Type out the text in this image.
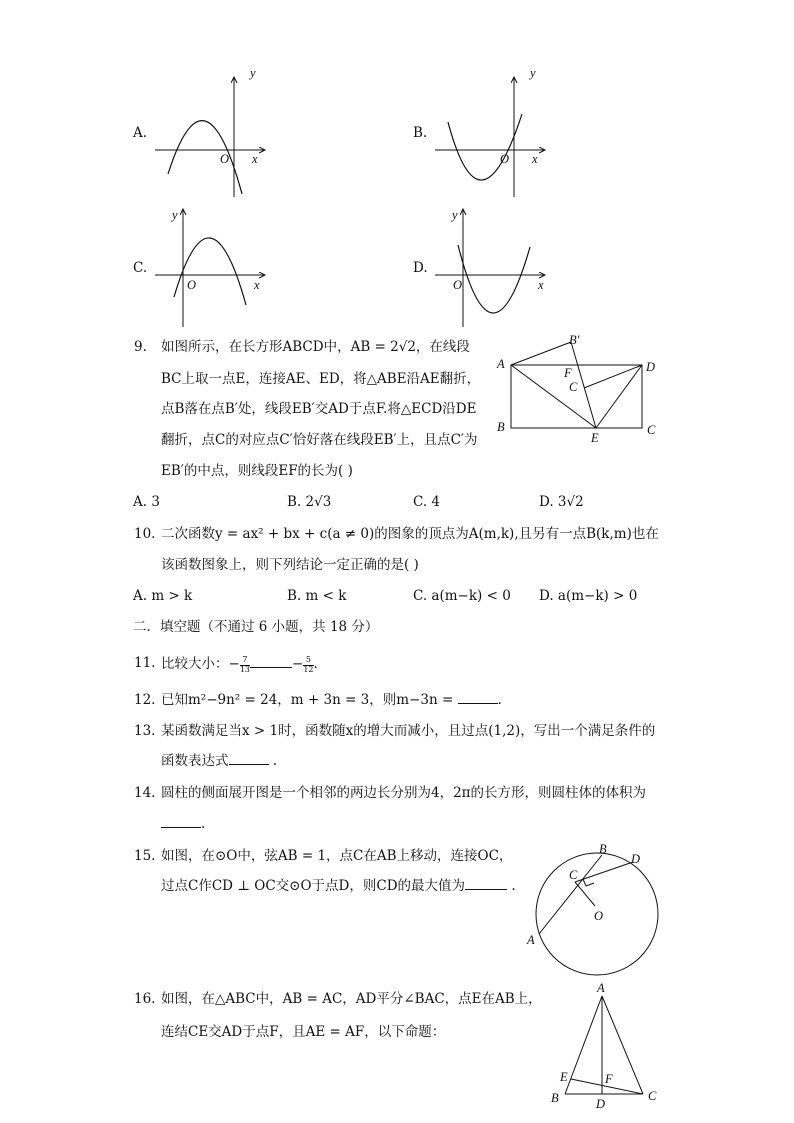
A.
x
y
O
B.
x
y
O
C.
x
y
O
D.
x
y
O
9. 如图所示，在长方形ABCD中，AB = 2√2，在线段
BC上取一点E，连接AE、ED，将△ABE沿AE翻折，
点B落在点B′处，线段EB′交AD于点F.将△ECD沿DE
翻折，点C的对应点C′恰好落在线段EB′上，且点C′为
EB′的中点，则线段EF的长为( )
A
B	C
D
E
F
B′
C
A. 3	B. 2√3	C. 4	D. 3√2
10. 二次函数y = ax² + bx + c(a ≠ 0)的图象的顶点为A(m,k),且另有一点B(k,m)也在
该函数图象上，则下列结论一定正确的是( )
A. m > k	B. m < k	C. a(m−k) < 0 D. a(m−k) > 0
二．填空题（不通过 6 小题，共 18 分）
11. 比较大小：− $\frac{7}{13}$	− $\frac{5}{12}$ .
12. 已知m²−9n² = 24，m + 3n = 3，则m−3n =	.
13. 某函数满足当x > 1时，函数随x的增大而减小，且过点(1,2)，写出一个满足条件的
函数表达式	.
14. 圆柱的侧面展开图是一个相邻的两边长分别为4，2π的长方形，则圆柱体的体积为
.
15. 如图，在⊙O中，弦AB = 1，点C在AB上移动，连接OC，
过点C作CD ⊥ OC交⊙O于点D，则CD的最大值为	.
A
B
C
D
O
16. 如图，在△ABC中，AB = AC，AD平分∠BAC，点E在AB上，
连结CE交AD于点F，且AE = AF，以下命题：
A
B	C
D
E	F
